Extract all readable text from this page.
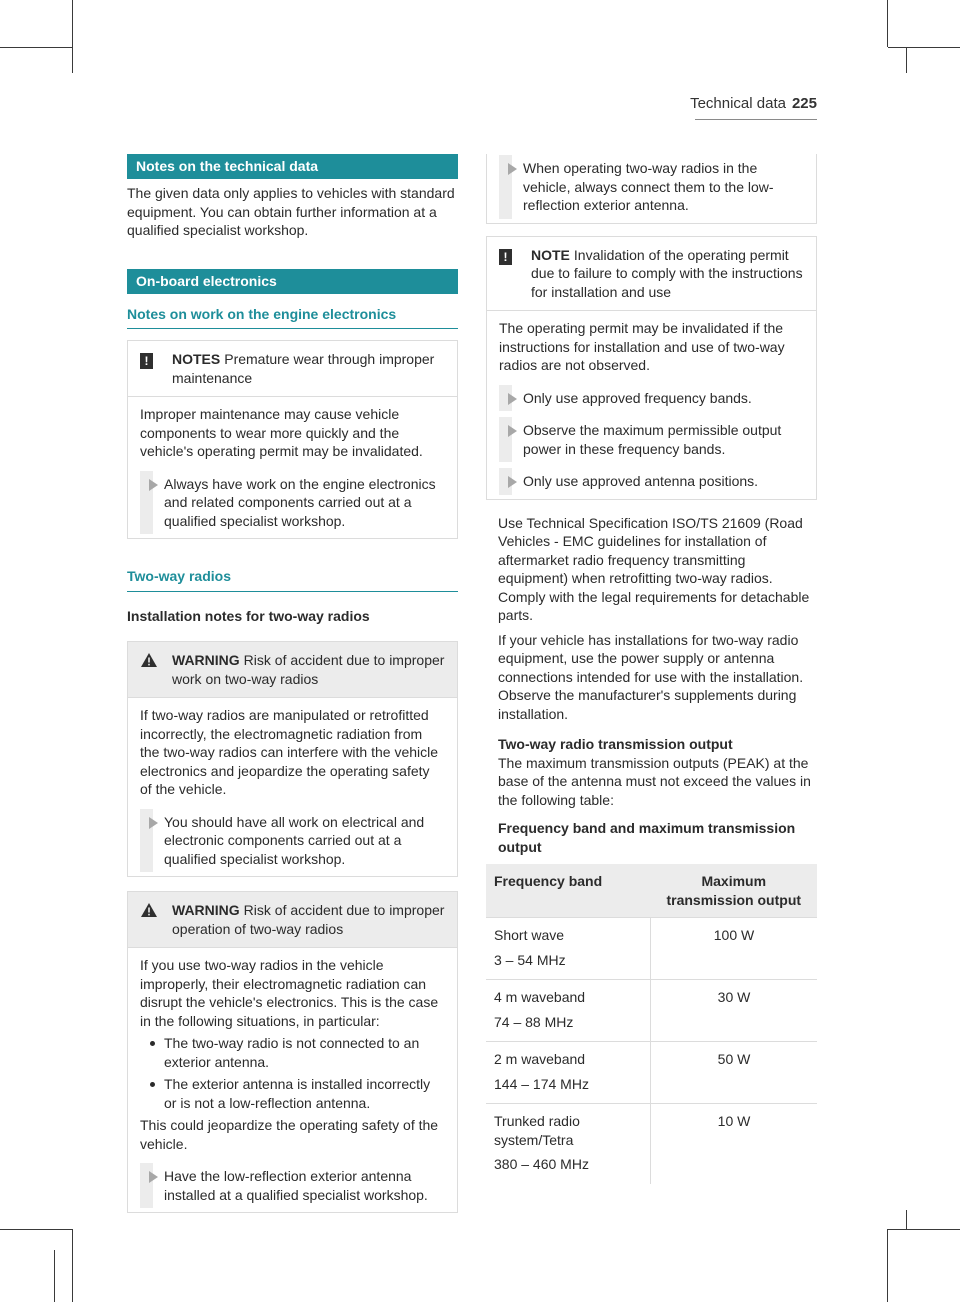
Technical data 225
Notes on the technical data

The given data only applies to vehicles with standard equipment. You can obtain further information at a qualified specialist workshop.

On-board electronics
Notes on work on the engine electronics
!	NOTES Premature wear through improper maintenance

Improper maintenance may cause vehicle components to wear more quickly and the vehicle's operating permit may be invalidated.

Always have work on the engine electronics and related components carried out at a qualified specialist workshop.
Two-way radios
Installation notes for two-way radios
WARNING Risk of accident due to improper work on two-way radios

If two-way radios are manipulated or retrofitted incorrectly, the electromagnetic radiation from the two-way radios can interfere with the vehicle electronics and jeopardize the operating safety of the vehicle.

You should have all work on electrical and electronic components carried out at a qualified specialist workshop.
WARNING Risk of accident due to improper operation of two-way radios

If you use two-way radios in the vehicle improperly, their electromagnetic radiation can disrupt the vehicle's electronics. This is the case in the following situations, in particular:

The two-way radio is not connected to an exterior antenna.
The exterior antenna is installed incorrectly or is not a low-reflection antenna.

This could jeopardize the operating safety of the vehicle.

Have the low-reflection exterior antenna installed at a qualified specialist workshop.
When operating two-way radios in the vehicle, always connect them to the low-reflection exterior antenna.
!	NOTE Invalidation of the operating permit due to failure to comply with the instructions for installation and use

The operating permit may be invalidated if the instructions for installation and use of two-way radios are not observed.

Only use approved frequency bands.
Observe the maximum permissible output power in these frequency bands.
Only use approved antenna positions.

Use Technical Specification ISO/TS 21609 (Road Vehicles - EMC guidelines for installation of aftermarket radio frequency transmitting equipment) when retrofitting two-way radios. Comply with the legal requirements for detachable parts.

If your vehicle has installations for two-way radio equipment, use the power supply or antenna connections intended for use with the installation. Observe the manufacturer's supplements during installation.

Two-way radio transmission output

The maximum transmission outputs (PEAK) at the base of the antenna must not exceed the values in the following table:

Frequency band and maximum transmission output
Frequency band	Maximum transmission output
Short wave
3 – 54 MHz	100 W
4 m waveband
74 – 88 MHz	30 W
2 m waveband
144 – 174 MHz	50 W
Trunked radio system/Tetra
380 – 460 MHz	10 W
